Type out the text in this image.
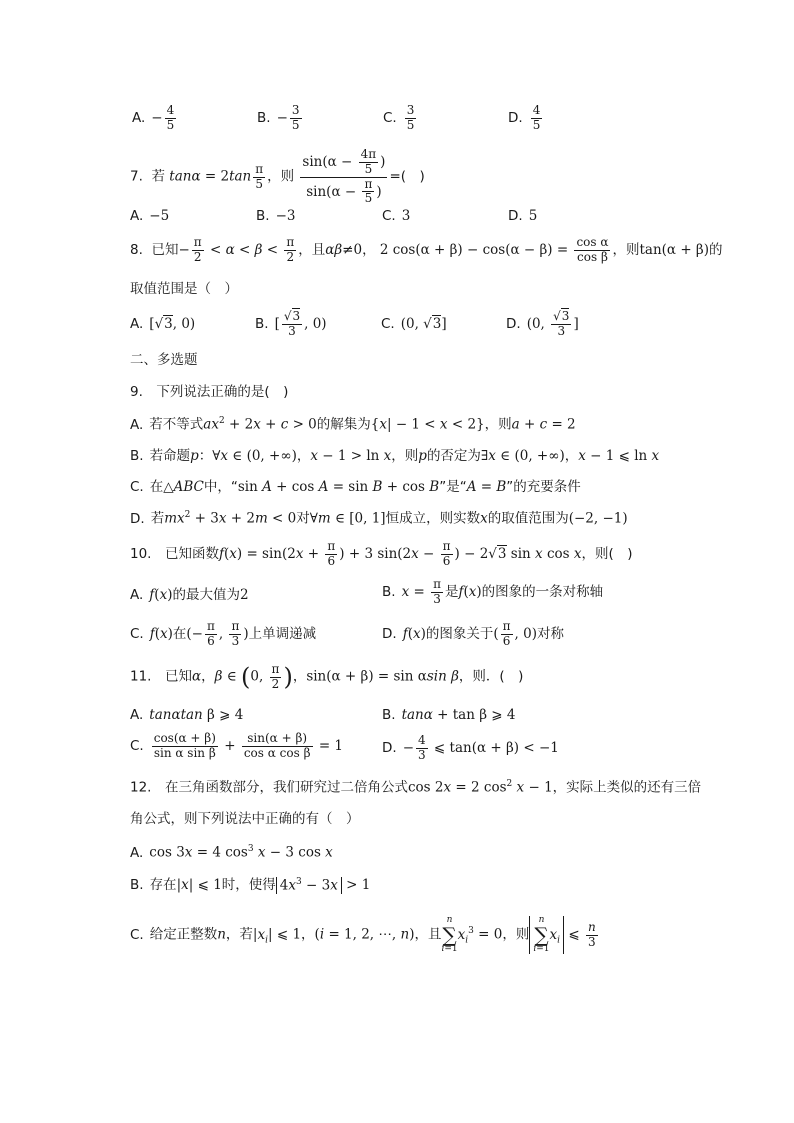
A. − $\frac{4}{5}$	B. − $\frac{3}{5}$	C. $\frac{3}{5}$	D. $\frac{4}{5}$
7. 若 $\tan\alpha = 2\tan \frac{\pi}{5}$ ，则 $\frac{\sin(\alpha - \frac{4\pi}{5} )}{\sin(\alpha - \frac{\pi}{5} )}$ =(　)
A. −5	B. −3	C. 3	D. 5
8. 已知− $\frac{\pi}{2} < \alpha < \beta < \frac{\pi}{2}$ ，且αβ≠0， 2 $\cos(\alpha + \beta) - \cos(\alpha - \beta) = \frac{\text{cos α}}{\text{cos β}}$ ，则tan(α + β)的
取值范围是（　）
A. [√3, 0)	B. [ $\frac{√3}{3}$ , 0)	C. (0, √3]	D. (0, $\frac{√3}{3}$ ]
二、多选题
9.　下列说法正确的是(　)
A. 若不等式$ax^2 + 2x + c > 0$的解集为{x| − 1 < x < 2}，则a + c = 2
B. 若命题p：∀x ∈ (0, +∞)，x − 1 > ln x，则p的否定为∃x ∈ (0, +∞)，x − 1 ⩽ ln x
C. 在△ABC中，“sin A + cos A = sin B + cos B”是“A = B”的充要条件
D. 若$mx^2 + 3x + 2m < 0$对∀m ∈ [0, 1]恒成立，则实数x的取值范围为(−2, −1)
10.　已知函数$f(x) = \sin(2x + \frac{\pi}{6}$ ) + 3 $\sin(2x - \frac{\pi}{6}$ ) − 2√3 sin x cos x，则(　)
A. f(x)的最大值为2	B. $x = \frac{\pi}{3}$ 是f(x)的图象的一条对称轴
C. f(x)在(− $\frac{\pi}{6}$ , $\frac{\pi}{3}$ )上单调递减	D. f(x)的图象关于( $\frac{\pi}{6}$ , 0)对称
11.　已知α，β ∈ (0, $\frac{\pi}{2}$ )，sin(α + β) = sin αsin β，则．(　)
A. tanαtan β ⩾ 4	B. tanα + tan β ⩾ 4
C. $\frac{\cos(\alpha + \beta)}{\text{sin α sin β}} + \frac{\sin(\alpha + \beta)}{\text{cos α cos β}} = 1$	D. − $\frac{4}{3}$ ⩽ tan(α + β) < −1
12.　在三角函数部分，我们研究过二倍角公式cos 2x = 2 $\cos^2 x - 1$，实际上类似的还有三倍
角公式，则下列说法中正确的有（　）
A. cos 3x = 4 $\cos^3 x - 3$ cos x
B. 存在|x| ⩽ 1时，使得 $4x^3 - 3x > 1$
C. 给定正整数n，若$|x_i|$ ⩽ 1，(i = 1, 2, ⋯, n)，且
n
∑
i=1
$x_i^3 = 0$，则
n
∑
i=1
$x_i$ ⩽ $\frac{n}{3}$
